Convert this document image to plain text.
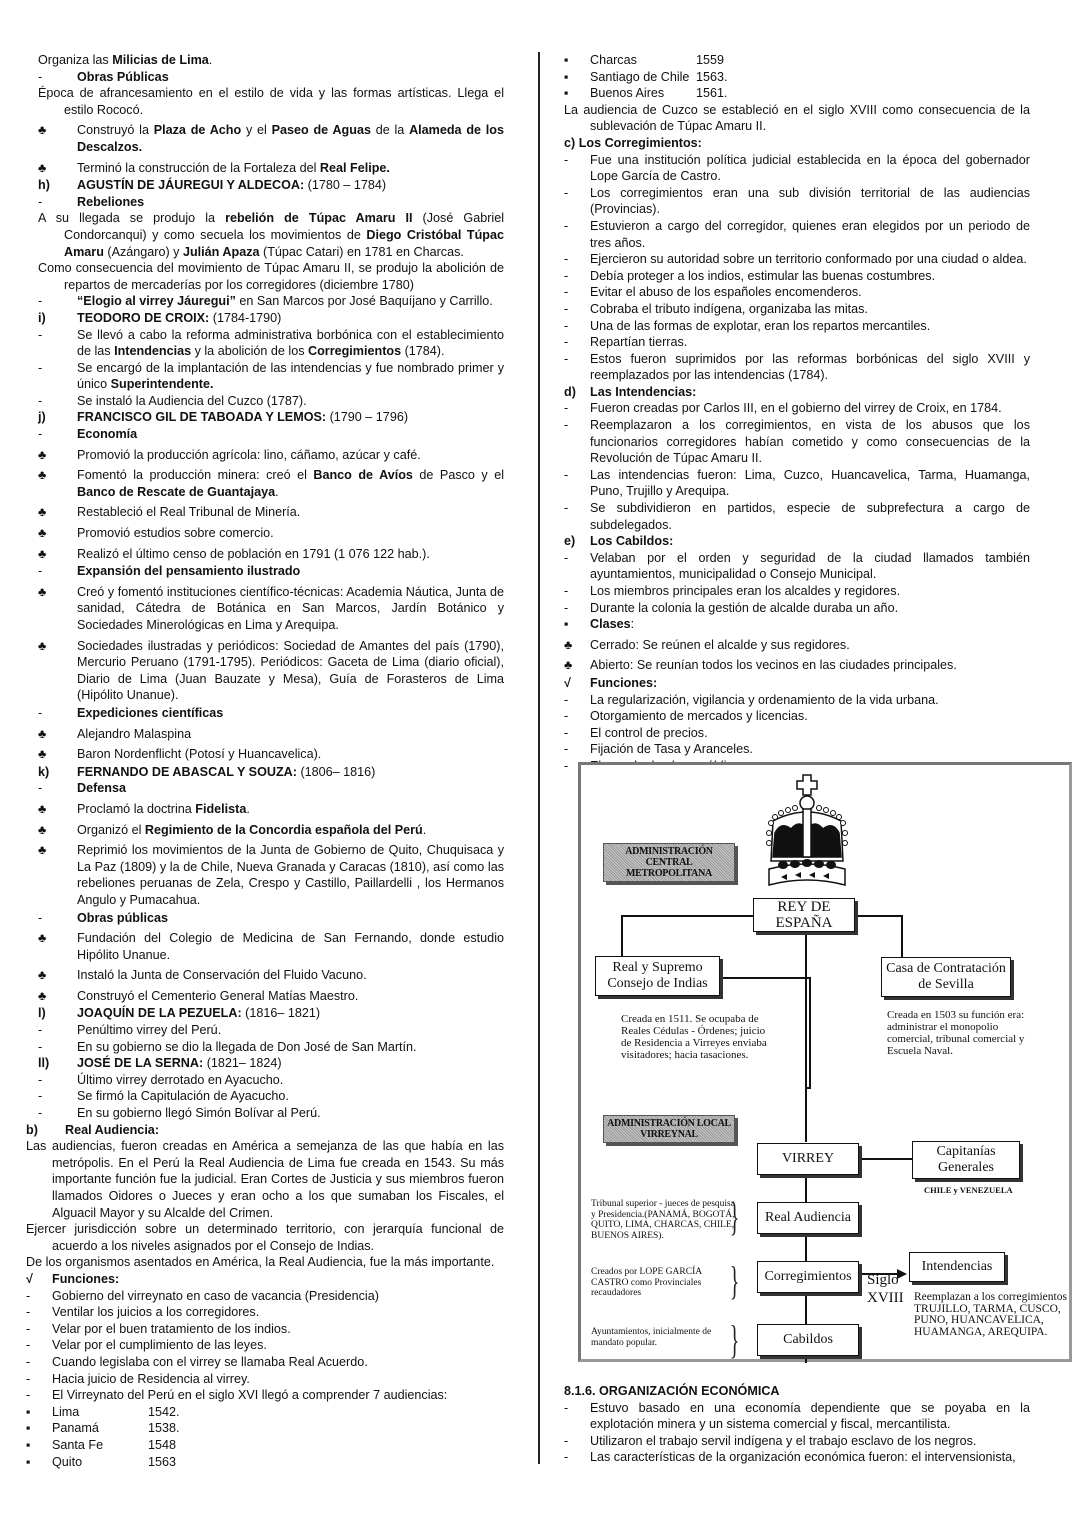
Organiza las Milicias de Lima.
-	Obras Públicas
Época de afrancesamiento en el estilo de vida y las formas artísticas. Llega el estilo Rococó.
♣	Construyó la Plaza de Acho y el Paseo de Aguas de la Alameda de los Descalzos.
♣	Terminó la construcción de la Fortaleza del Real Felipe.
h)	AGUSTÍN DE JÁUREGUI Y ALDECOA: (1780 – 1784)
-	Rebeliones
A su llegada se produjo la rebelión de Túpac Amaru II (José Gabriel Condorcanqui) y como secuela los movimientos de Diego Cristóbal Túpac Amaru (Azángaro) y Julián Apaza (Túpac Catari) en 1781 en Charcas.
Como consecuencia del movimiento de Túpac Amaru II, se produjo la abolición de repartos de mercaderías por los corregidores (diciembre 1780)
-	“Elogio al virrey Jáuregui” en San Marcos por José Baquíjano y Carrillo.
i)	TEODORO DE CROIX: (1784-1790)
-	Se llevó a cabo la reforma administrativa borbónica con el establecimiento de las Intendencias y la abolición de los Corregimientos (1784).
-	Se encargó de la implantación de las intendencias y fue nombrado primer y único Superintendente.
-	Se instaló la Audiencia del Cuzco (1787).
j)	FRANCISCO GIL DE TABOADA Y LEMOS: (1790 – 1796)
-	Economía
♣	Promovió la producción agrícola: lino, cáñamo, azúcar y café.
♣	Fomentó la producción minera: creó el Banco de Avíos de Pasco y el Banco de Rescate de Guantajaya.
♣	Restableció el Real Tribunal de Minería.
♣	Promovió estudios sobre comercio.
♣	Realizó el último censo de población en 1791 (1 076 122 hab.).
-	Expansión del pensamiento ilustrado
♣	Creó y fomentó instituciones científico-técnicas: Academia Náutica, Junta de sanidad, Cátedra de Botánica en San Marcos, Jardín Botánico y Sociedades Minerológicas en Lima y Arequipa.
♣	Sociedades ilustradas y periódicos: Sociedad de Amantes del país (1790), Mercurio Peruano (1791-1795). Periódicos: Gaceta de Lima (diario oficial), Diario de Lima (Juan Bauzate y Mesa), Guía de Forasteros de Lima (Hipólito Unanue).
-	Expediciones científicas
♣	Alejandro Malaspina
♣	Baron Nordenflicht (Potosí y Huancavelica).
k)	FERNANDO DE ABASCAL Y SOUZA: (1806– 1816)
-	Defensa
♣	Proclamó la doctrina Fidelista.
♣	Organizó el Regimiento de la Concordia española del Perú.
♣	Reprimió los movimientos de la Junta de Gobierno de Quito, Chuquisaca y La Paz (1809) y la de Chile, Nueva Granada y Caracas (1810), así como las rebeliones peruanas de Zela, Crespo y Castillo, Paillardelli , los Hermanos Angulo y Pumacahua.
-	Obras públicas
♣	Fundación del Colegio de Medicina de San Fernando, donde estudio Hipólito Unanue.
♣	Instaló la Junta de Conservación del Fluido Vacuno.
♣	Construyó el Cementerio General Matías Maestro.
l)	JOAQUÍN DE LA PEZUELA: (1816– 1821)
-	Penúltimo virrey del Perú.
-	En su gobierno se dio la llegada de Don José de San Martín.
ll)	JOSÉ DE LA SERNA: (1821– 1824)
-	Último virrey derrotado en Ayacucho.
-	Se firmó la Capitulación de Ayacucho.
-	En su gobierno llegó Simón Bolívar al Perú.
b)	Real Audiencia:
Las audiencias, fueron creadas en América a semejanza de las que había en las metrópolis. En el Perú la Real Audiencia de Lima fue creada en 1543. Su más importante función fue la judicial. Eran Cortes de Justicia y sus miembros fueron llamados Oidores o Jueces y eran ocho a los que sumaban los Fiscales, el Alguacil Mayor y su Alcalde del Crimen.
Ejercer jurisdicción sobre un determinado territorio, con jerarquía funcional de acuerdo a los niveles asignados por el Consejo de Indias.
De los organismos asentados en América, la Real Audiencia, fue la más importante.
√	Funciones:
-	Gobierno del virreynato en caso de vacancia (Presidencia)
-	Ventilar los juicios a los corregidores.
-	Velar por el buen tratamiento de los indios.
-	Velar por el cumplimiento de las leyes.
-	Cuando legislaba con el virrey se llamaba Real Acuerdo.
-	Hacia juicio de Residencia al virrey.
-	El Virreynato del Perú en el siglo XVI llegó a comprender 7 audiencias:
▪	Lima	1542.
▪	Panamá	1538.
▪	Santa Fe	1548
▪	Quito	1563
▪	Charcas	1559
▪	Santiago de Chile 1563.
▪	Buenos Aires	1561.
La audiencia de Cuzco se estableció en el siglo XVIII como consecuencia de la sublevación de Túpac Amaru II.
c) Los Corregimientos:
-	Fue una institución política judicial establecida en la época del gobernador Lope García de Castro.
-	Los corregimientos eran una sub división territorial de las audiencias (Provincias).
-	Estuvieron a cargo del corregidor, quienes eran elegidos por un periodo de tres años.
-	Ejercieron su autoridad sobre un territorio conformado por una ciudad o aldea.
-	Debía proteger a los indios, estimular las buenas costumbres.
-	Evitar el abuso de los españoles encomenderos.
-	Cobraba el tributo indígena, organizaba las mitas.
-	Una de las formas de explotar, eran los repartos mercantiles.
-	Repartían tierras.
-	Estos fueron suprimidos por las reformas borbónicas del siglo XVIII y reemplazados por las intendencias (1784).
d)	Las Intendencias:
-	Fueron creadas por Carlos III, en el gobierno del virrey de Croix, en 1784.
-	Reemplazaron a los corregimientos, en vista de los abusos que los funcionarios corregidores habían cometido y como consecuencias de la Revolución de Túpac Amaru II.
-	Las intendencias fueron: Lima, Cuzco, Huancavelica, Tarma, Huamanga, Puno, Trujillo y Arequipa.
-	Se subdividieron en partidos, especie de subprefectura a cargo de subdelegados.
e)	Los Cabildos:
-	Velaban por el orden y seguridad de la ciudad llamados también ayuntamientos, municipalidad o Consejo Municipal.
-	Los miembros principales eran los alcaldes y regidores.
-	Durante la colonia la gestión de alcalde duraba un año.
▪	Clases:
♣	Cerrado: Se reúnen el alcalde y sus regidores.
♣	Abierto: Se reunían todos los vecinos en las ciudades principales.
√	Funciones:
-	La regularización, vigilancia y ordenamiento de la vida urbana.
-	Otorgamiento de mercados y licencias.
-	El control de precios.
-	Fijación de Tasa y Aranceles.
-
ADMINISTRACIÓN CENTRAL METROPOLITANA
ADMINISTRACIÓN LOCAL VIRREYNAL
REY DE ESPAÑA
Real y Supremo Consejo de Indias
Casa de Contratación de Sevilla
Creada en 1511. Se ocupaba de Reales Cédulas - Órdenes; juicio de Residencia a Virreyes enviaba visitadores; hacia tasaciones.
Creada en 1503 su función era: administrar el monopolio comercial, tribunal comercial y Escuela Naval.
VIRREY	Capitanías Generales
CHILE y VENEZUELA
Real Audiencia
Tribunal superior - jueces de pesquisa y Presidencia.(PANAMÁ, BOGOTÁ, QUITO, LIMA, CHARCAS, CHILE, BUENOS AIRES).	}
Corregimientos
Creados por LOPE GARCÍA CASTRO como Provinciales recaudadores	}	Siglo XVIII
Intendencias
Reemplazan a los corregimientos TRUJILLO, TARMA, CUSCO, PUNO, HUANCAVELICA, HUAMANGA, AREQUIPA.
Cabildos
Ayuntamientos, inicialmente de mandato popular.	}
8.1.6. ORGANIZACIÓN ECONÓMICA
-	Estuvo basado en una economía dependiente que se poyaba en la explotación minera y un sistema comercial y fiscal, mercantilista.
-	Utilizaron el trabajo servil indígena y el trabajo esclavo de los negros.
-	Las características de la organización económica fueron: el intervensionista,
